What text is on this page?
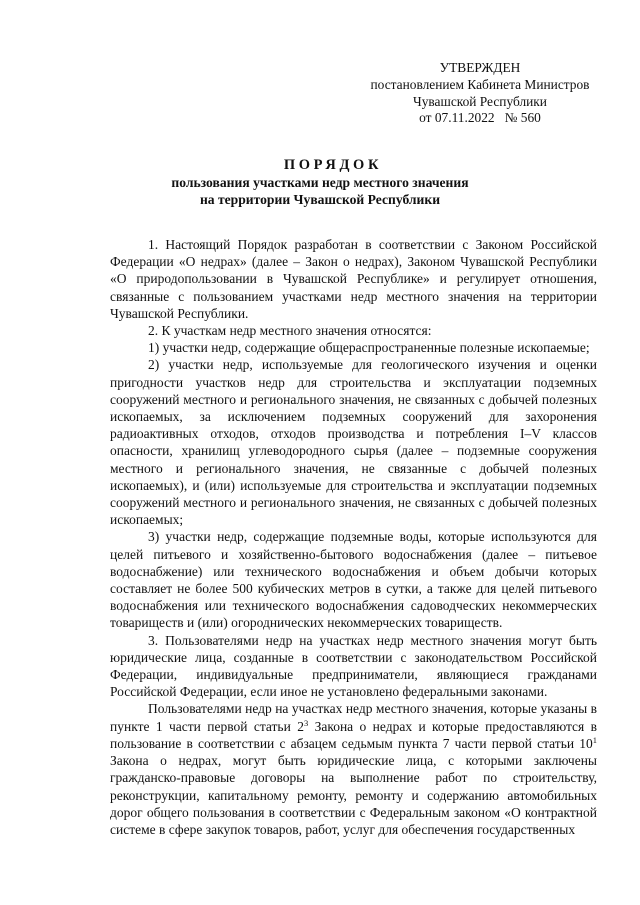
УТВЕРЖДЕН
постановлением Кабинета Министров
Чувашской Республики
от 07.11.2022   № 560
ПОРЯДОК
пользования участками недр местного значения
на территории Чувашской Республики

1. Настоящий Порядок разработан в соответствии с Законом Российской Федерации «О недрах» (далее – Закон о недрах), Законом Чувашской Республики «О природопользовании в Чувашской Республике» и регулирует отношения, связанные с пользованием участками недр местного значения на территории Чувашской Республики.

2. К участкам недр местного значения относятся:

1) участки недр, содержащие общераспространенные полезные ископаемые;

2) участки недр, используемые для геологического изучения и оценки пригодности участков недр для строительства и эксплуатации подземных сооружений местного и регионального значения, не связанных с добычей полезных ископаемых, за исключением подземных сооружений для захоронения радиоактивных отходов, отходов производства и потребления I–V классов опасности, хранилищ углеводородного сырья (далее – подземные сооружения местного и регионального значения, не связанные с добычей полезных ископаемых), и (или) используемые для строительства и эксплуатации подземных сооружений местного и регионального значения, не связанных с добычей полезных ископаемых;

3) участки недр, содержащие подземные воды, которые используются для целей питьевого и хозяйственно-бытового водоснабжения (далее – питьевое водоснабжение) или технического водоснабжения и объем добычи которых составляет не более 500 кубических метров в сутки, а также для целей питьевого водоснабжения или технического водоснабжения садоводческих некоммерческих товариществ и (или) огороднических некоммерческих товариществ.

3. Пользователями недр на участках недр местного значения могут быть юридические лица, созданные в соответствии с законодательством Российской Федерации, индивидуальные предприниматели, являющиеся гражданами Российской Федерации, если иное не установлено федеральными законами.

Пользователями недр на участках недр местного значения, которые указаны в пункте 1 части первой статьи $2^3$ Закона о недрах и которые предоставляются в пользование в соответствии с абзацем седьмым пункта 7 части первой статьи $10^1$ Закона о недрах, могут быть юридические лица, с которыми заключены гражданско-правовые договоры на выполнение работ по строительству, реконструкции, капитальному ремонту, ремонту и содержанию автомобильных дорог общего пользования в соответствии с Федеральным законом «О контрактной системе в сфере закупок товаров, работ, услуг для обеспечения государственных
